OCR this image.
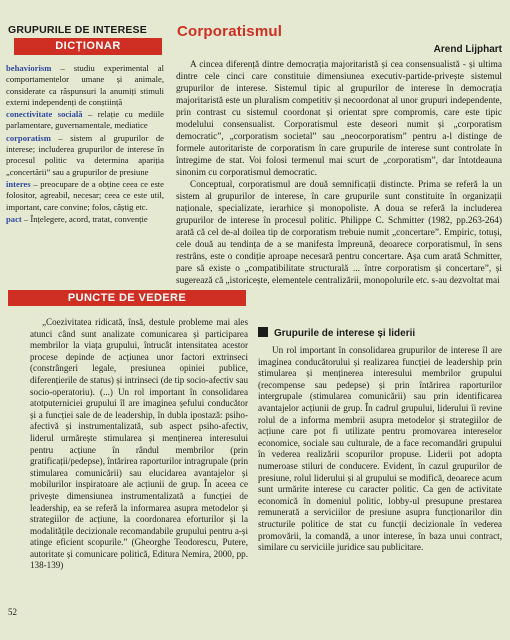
GRUPURILE DE INTERESE
DICȚIONAR
behaviorism – studiu experimental al comportamentelor umane și animale, considerate ca răspunsuri la anumiți stimuli externi independenți de conștiință
conectivitate socială – relație cu mediile parlamentare, guvernamentale, mediatice
corporatism – sistem al grupurilor de interese; includerea grupurilor de interese în procesul politic va determina apariția „concertării” sau a grupurilor de presiune
interes – preocupare de a obține ceea ce este folositor, agreabil, necesar; ceea ce este util, important, care convine; folos, câștig etc.
pact – Înțelegere, acord, tratat, convenție
Corporatismul
Arend Lijphart

A cincea diferență dintre democrația majoritaristă și cea consensualistă - și ultima dintre cele cinci care constituie dimensiunea executiv-partide-privește sistemul grupurilor de interese. Sistemul tipic al grupurilor de interese în democrația majoritaristă este un pluralism competitiv și necoordonat al unor grupuri independente, prin contrast cu sistemul coordonat și orientat spre compromis, care este tipic modelului consensualist. Corporatismul este deseori numit și „corporatism democratic”, „corporatism societal” sau „neocorporatism” pentru a-l distinge de formele autoritariste de corporatism în care grupurile de interese sunt controlate în întregime de stat. Voi folosi termenul mai scurt de „corporatism”, dar întotdeauna sinonim cu corporatismul democratic.

Conceptual, corporatismul are două semnificații distincte. Prima se referă la un sistem al grupurilor de interese, în care grupurile sunt constituite în organizații naționale, specializate, ierarhice și monopoliste. A doua se referă la includerea grupurilor de interese în procesul politic. Philippe C. Schmitter (1982, pp.263-264) arată că cel de-al doilea tip de corporatism trebuie numit „concertare”. Empiric, totuși, cele două au tendința de a se manifesta împreună, deoarece corporatismul, în sens restrâns, este o condiție aproape necesară pentru concertare. Așa cum arată Schmitter, pare să existe o „compatibilitate structurală ... între corporatism și concertare”, și sugerează că „istoricește, elementele centralizării, monopolurile etc. s-au dezvoltat mai

PUNCTE DE VEDERE

„Coezivitatea ridicată, însă, destule probleme mai ales atunci când sunt analizate comunicarea și participarea membrilor la viața grupului, întrucât intensitatea acestor procese depinde de acțiunea unor factori extrinseci (constrângeri legale, presiunea opiniei publice, diferențierile de status) și intrinseci (de tip socio-afectiv sau socio-operatoriu). (...) Un rol important în consolidarea atotputerniciei grupului îl are imaginea șefului conducător și a funcției sale de de leadership, în dubla ipostază: psiho-afectivă și instrumentalizată, sub aspect psiho-afectiv, liderul urmărește stimularea și menținerea interesului pentru acțiune în rândul membrilor (prin gratificații/pedepse), întărirea raporturilor intragrupale (prin stimularea comunicării) sau elucidarea avantajelor și mobilurilor inspiratoare ale acțiunii de grup. În aceea ce privește dimensiunea instrumentalizată a funcției de leadership, ea se referă la informarea asupra metodelor și strategiilor de acțiune, la coordonarea eforturilor și la modalitățile decizionale recomandabile grupului pentru a-și atinge eficient scopurile.” (Gheorghe Teodorescu, Putere, autoritate și comunicare politică, Editura Nemira, 2000, pp. 138-139)

Grupurile de interese și liderii

Un rol important în consolidarea grupurilor de interese îl are imaginea conducătorului și realizarea funcției de leadership prin stimularea și menținerea interesului membrilor grupului (recompense sau pedepse) și prin întărirea raporturilor intergrupale (stimularea comunicării) sau prin identificarea avantajelor acțiunii de grup. În cadrul grupului, liderului îi revine rolul de a informa membrii asupra metodelor și strategiilor de acțiune care pot fi utilizate pentru promovarea intereselor economice, sociale sau culturale, de a face recomandări grupului în vederea realizării scopurilor propuse. Liderii pot adopta numeroase stiluri de conducere. Evident, în cazul grupurilor de presiune, rolul liderului și al grupului se modifică, deoarece acum sunt urmărite interese cu caracter politic. Ca gen de activitate economică în domeniul politic, lobby-ul presupune prestarea remunerată a serviciilor de presiune asupra funcționarilor din structurile politice de stat cu funcții decizionale în vederea promovării, la comandă, a unor interese, în baza unui contract, similare cu serviciile juridice sau publicitare.

52
